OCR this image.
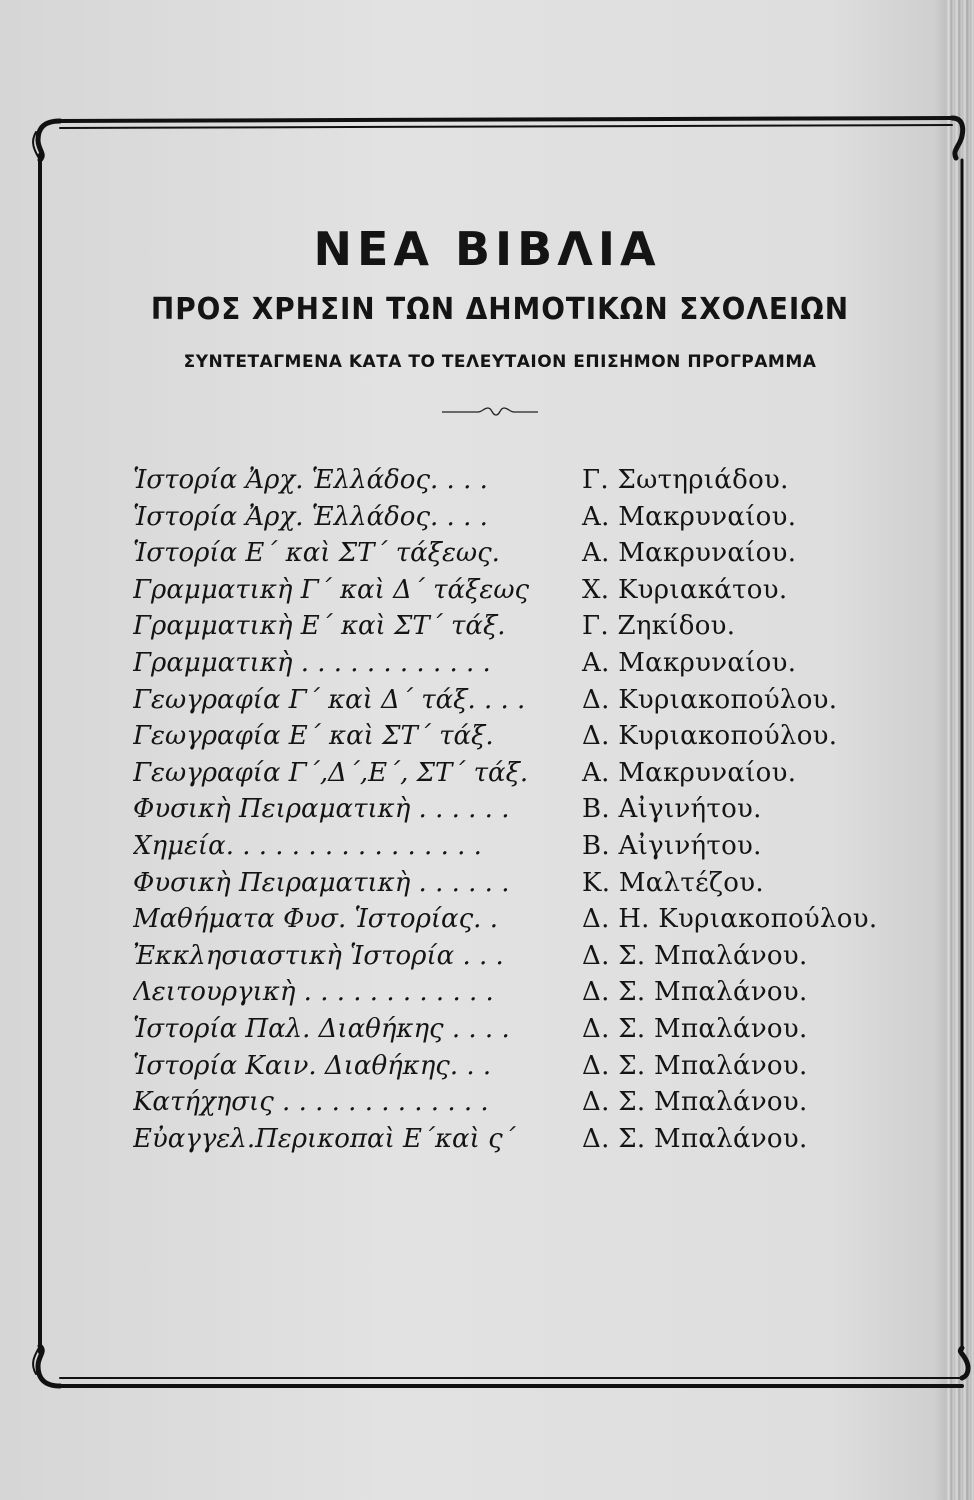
ΝΕΑ ΒΙΒΛΙΑ
ΠΡΟΣ ΧΡΗΣΙΝ ΤΩΝ ΔΗΜΟΤΙΚΩΝ ΣΧΟΛΕΙΩΝ
ΣΥΝΤΕΤΑΓΜΕΝΑ ΚΑΤΑ ΤΟ ΤΕΛΕΥΤΑΙΟΝ ΕΠΙΣΗΜΟΝ ΠΡΟΓΡΑΜΜΑ
Ἱστορία Ἀρχ. Ἑλλάδος. . . .	Γ. Σωτηριάδου.
Ἱστορία Ἀρχ. Ἑλλάδος. . . .	Α. Μακρυναίου.
Ἱστορία Ε΄ καὶ ΣΤ΄ τάξεως.	Α. Μακρυναίου.
Γραμματικὴ Γ΄ καὶ Δ΄ τάξεως	Χ. Κυριακάτου.
Γραμματικὴ Ε΄ καὶ ΣΤ΄ τάξ.	Γ. Ζηκίδου.
Γραμματικὴ . . . . . . . . . . . .	Α. Μακρυναίου.
Γεωγραφία Γ΄ καὶ Δ΄ τάξ. . . .	Δ. Κυριακοπούλου.
Γεωγραφία Ε΄ καὶ ΣΤ΄ τάξ.	Δ. Κυριακοπούλου.
Γεωγραφία Γ΄,Δ΄,Ε΄, ΣΤ΄ τάξ.	Α. Μακρυναίου.
Φυσικὴ Πειραματικὴ . . . . . .	Β. Αἰγινήτου.
Χημεία. . . . . . . . . . . . . . . .	Β. Αἰγινήτου.
Φυσικὴ Πειραματικὴ . . . . . .	Κ. Μαλτέζου.
Μαθήματα Φυσ. Ἱστορίας. .	Δ. Η. Κυριακοπούλου.
Ἐκκλησιαστικὴ Ἱστορία . . .	Δ. Σ. Μπαλάνου.
Λειτουργικὴ . . . . . . . . . . . .	Δ. Σ. Μπαλάνου.
Ἱστορία Παλ. Διαθήκης . . . .	Δ. Σ. Μπαλάνου.
Ἱστορία Καιν. Διαθήκης. . .	Δ. Σ. Μπαλάνου.
Κατήχησις . . . . . . . . . . . . .	Δ. Σ. Μπαλάνου.
Εὐαγγελ.Περικοπαὶ Ε΄καὶ ς΄	Δ. Σ. Μπαλάνου.
